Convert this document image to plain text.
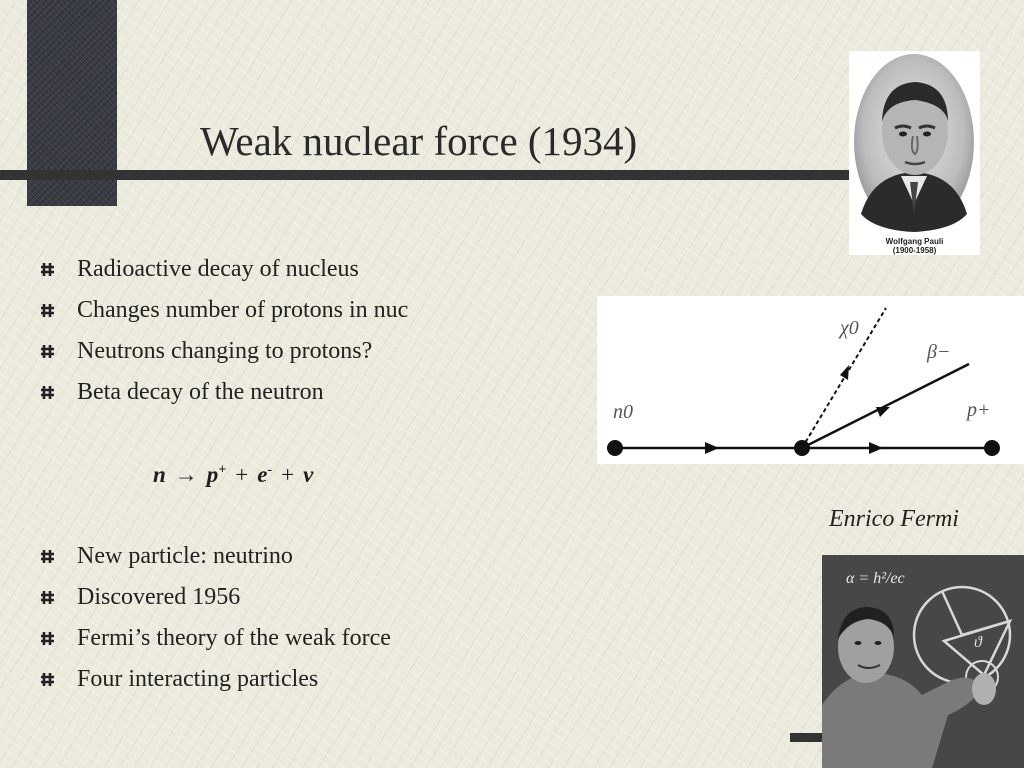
Weak nuclear force (1934)
Radioactive decay of nucleus
Changes number of protons in nuc
Neutrons changing to protons?
Beta decay of the neutron
n → p+ + e- + v
New particle: neutrino
Discovered 1956
Fermi’s theory of the weak force
Four interacting particles
Wolfgang Pauli
(1900-1958)
n0
χ0
β−
p+
Enrico Fermi
ϑ
α = h²/ec
